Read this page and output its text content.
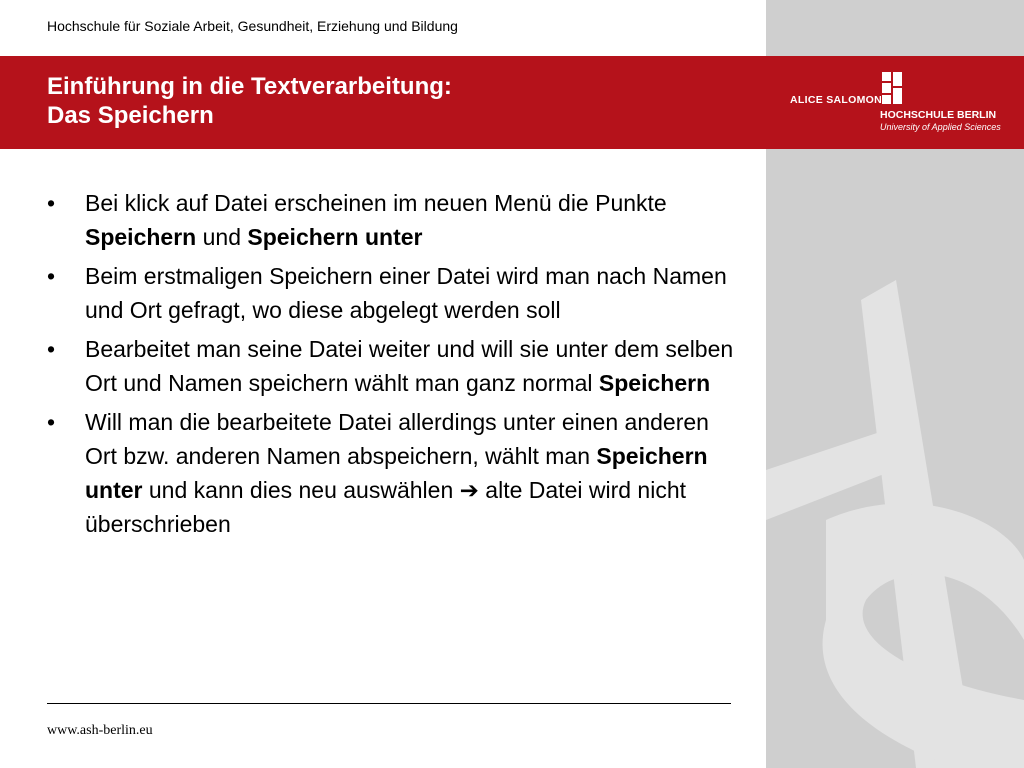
Hochschule für Soziale Arbeit, Gesundheit, Erziehung und Bildung
Einführung in die Textverarbeitung:
Das Speichern
ALICE SALOMON
HOCHSCHULE BERLIN
University of Applied Sciences
• Bei klick auf Datei erscheinen im neuen Menü die Punkte Speichern und Speichern unter
• Beim erstmaligen Speichern einer Datei wird man nach Namen und Ort gefragt, wo diese abgelegt werden soll
• Bearbeitet man seine Datei weiter und will sie unter dem selben Ort und Namen speichern wählt man ganz normal Speichern
• Will man die bearbeitete Datei allerdings unter einen anderen Ort bzw. anderen Namen abspeichern, wählt man Speichern unter und kann dies neu auswählen ➔ alte Datei wird nicht überschrieben
www.ash-berlin.eu
